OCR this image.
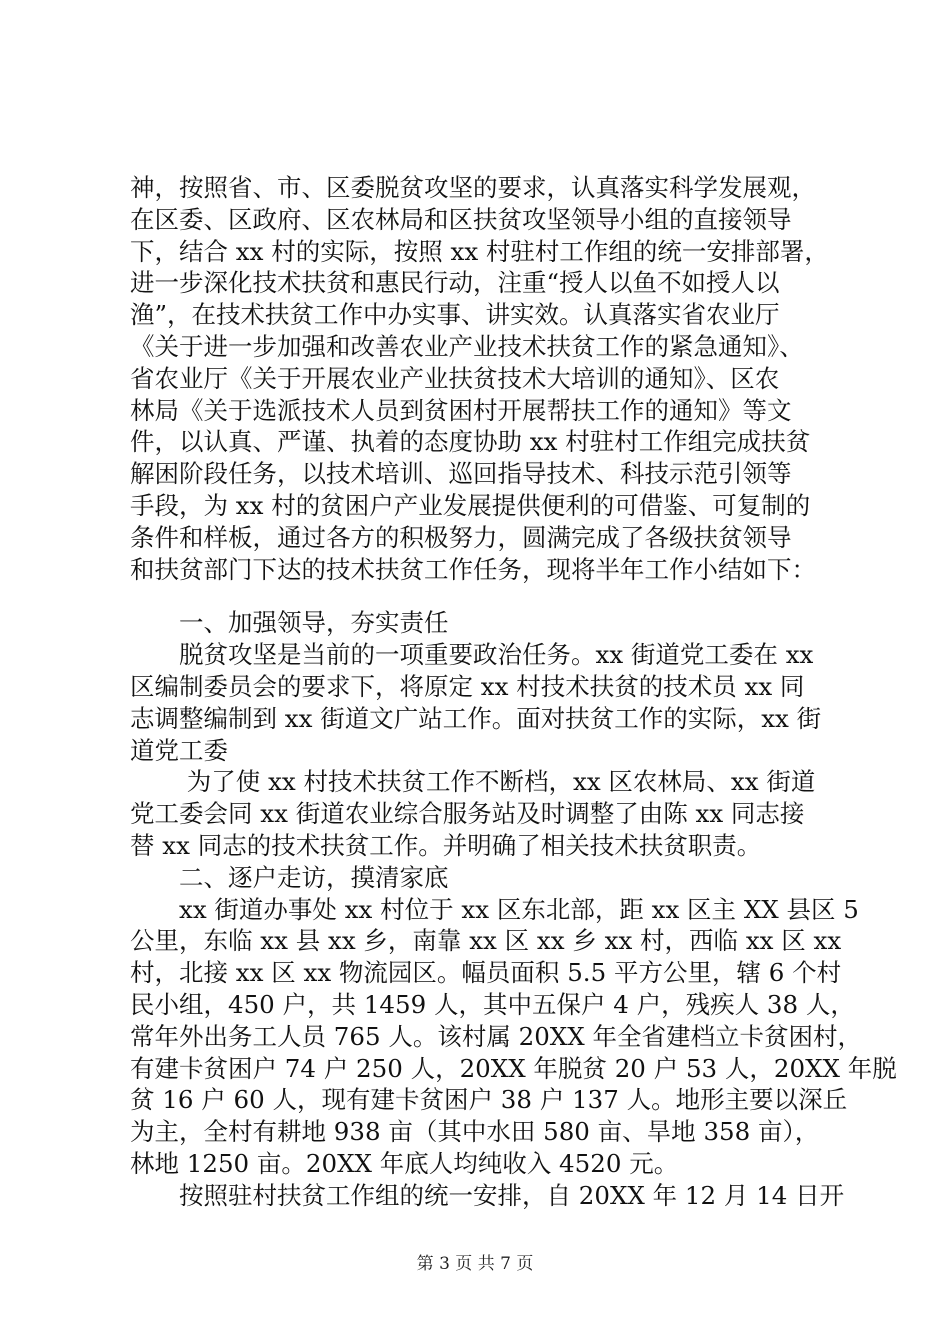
神，按照省、市、区委脱贫攻坚的要求，认真落实科学发展观，
在区委、区政府、区农林局和区扶贫攻坚领导小组的直接领导
下，结合 xx 村的实际，按照 xx 村驻村工作组的统一安排部署，
进一步深化技术扶贫和惠民行动，注重“授人以鱼不如授人以
渔”，在技术扶贫工作中办实事、讲实效。认真落实省农业厅
《关于进一步加强和改善农业产业技术扶贫工作的紧急通知》、
省农业厅《关于开展农业产业扶贫技术大培训的通知》、区农
林局《关于选派技术人员到贫困村开展帮扶工作的通知》等文
件，以认真、严谨、执着的态度协助 xx 村驻村工作组完成扶贫
解困阶段任务，以技术培训、巡回指导技术、科技示范引领等
手段，为 xx 村的贫困户产业发展提供便利的可借鉴、可复制的
条件和样板，通过各方的积极努力，圆满完成了各级扶贫领导
和扶贫部门下达的技术扶贫工作任务，现将半年工作小结如下：
　　一、加强领导，夯实责任
　　脱贫攻坚是当前的一项重要政治任务。xx 街道党工委在 xx
区编制委员会的要求下，将原定 xx 村技术扶贫的技术员 xx 同
志调整编制到 xx 街道文广站工作。面对扶贫工作的实际，xx 街
道党工委
　　 为了使 xx 村技术扶贫工作不断档，xx 区农林局、xx 街道
党工委会同 xx 街道农业综合服务站及时调整了由陈 xx 同志接
替 xx 同志的技术扶贫工作。并明确了相关技术扶贫职责。
　　二、逐户走访，摸清家底
　　xx 街道办事处 xx 村位于 xx 区东北部，距 xx 区主 XX 县区 5
公里，东临 xx 县 xx 乡，南靠 xx 区 xx 乡 xx 村，西临 xx 区 xx
村，北接 xx 区 xx 物流园区。幅员面积 5.5 平方公里，辖 6 个村
民小组，450 户，共 1459 人，其中五保户 4 户，残疾人 38 人，
常年外出务工人员 765 人。该村属 20XX 年全省建档立卡贫困村，
有建卡贫困户 74 户 250 人，20XX 年脱贫 20 户 53 人，20XX 年脱
贫 16 户 60 人，现有建卡贫困户 38 户 137 人。地形主要以深丘
为主，全村有耕地 938 亩（其中水田 580 亩、旱地 358 亩），
林地 1250 亩。20XX 年底人均纯收入 4520 元。
　　按照驻村扶贫工作组的统一安排，自 20XX 年 12 月 14 日开
第 3 页 共 7 页
